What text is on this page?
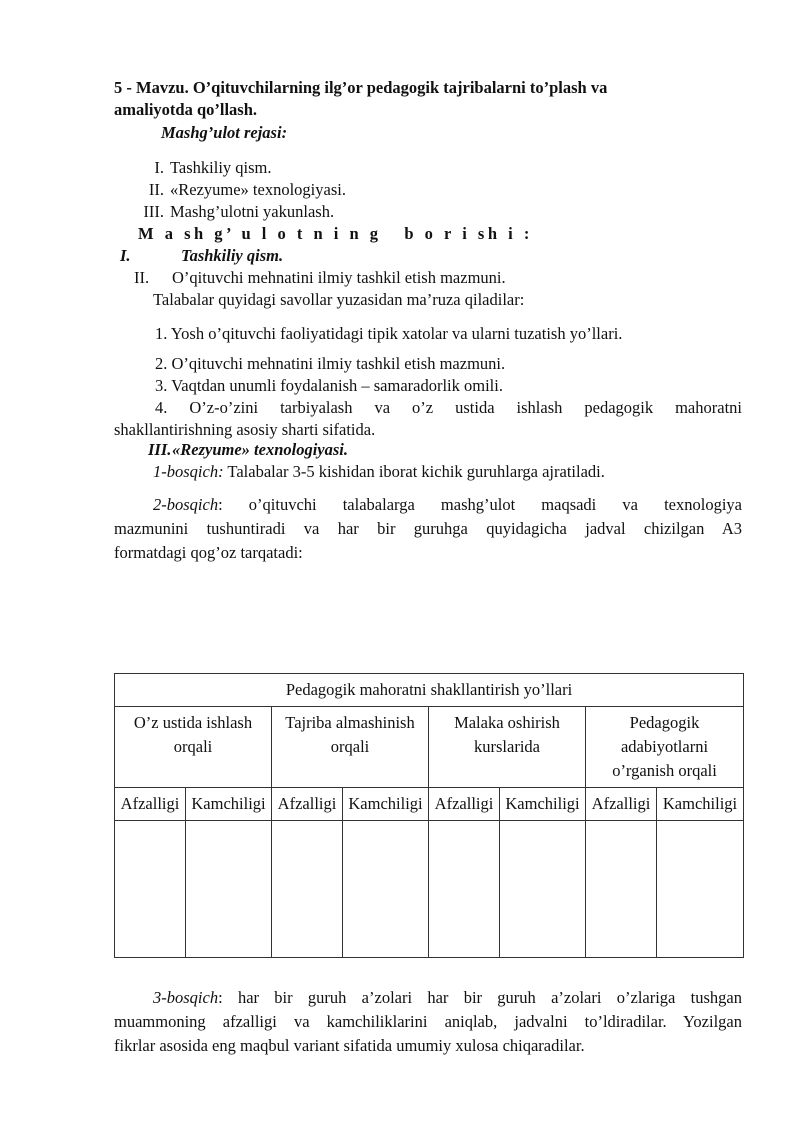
5 - Mavzu. O’qituvchilarning ilg’or pedagogik tajribalarni to’plash va
amaliyotda qo’llash.
Mashg’ulot rejasi:
I. Tashkiliy qism.
II. «Rezyume» texnologiyasi.
III. Mashg’ulotni yakunlash.
M a sh g’ u l o t n i n g   b o r i sh i :
I.	Tashkiliy qism.
II. O’qituvchi mehnatini ilmiy tashkil etish mazmuni.
Talabalar quyidagi savollar yuzasidan ma’ruza qiladilar:
1. Yosh o’qituvchi faoliyatidagi tipik xatolar va ularni tuzatish yo’llari.
2. O’qituvchi mehnatini ilmiy tashkil etish mazmuni.
3. Vaqtdan unumli foydalanish – samaradorlik omili.
4. O’z-o’zini tarbiyalash va o’z ustida ishlash pedagogik mahoratni
shakllantirishning asosiy sharti sifatida.
III.«Rezyume» texnologiyasi.
1-bosqich: Talabalar 3-5 kishidan iborat kichik guruhlarga ajratiladi.
2-bosqich: o’qituvchi talabalarga mashg’ulot maqsadi va texnologiya
mazmunini tushuntiradi va har bir guruhga quyidagicha jadval chizilgan A3
formatdagi qog’oz tarqatadi:
Pedagogik mahoratni shakllantirish yo’llari							
O’z ustida ishlash orqali		Tajriba almashinish orqali		Malaka oshirish kurslarida		Pedagogik adabiyotlarni o’rganish orqali	
Afzalligi	Kamchiligi	Afzalligi	Kamchiligi	Afzalligi	Kamchiligi	Afzalligi	Kamchiligi

3-bosqich: har bir guruh a’zolari har bir guruh a’zolari o’zlariga tushgan
muammoning afzalligi va kamchiliklarini aniqlab, jadvalni to’ldiradilar. Yozilgan
fikrlar asosida eng maqbul variant sifatida umumiy xulosa chiqaradilar.
